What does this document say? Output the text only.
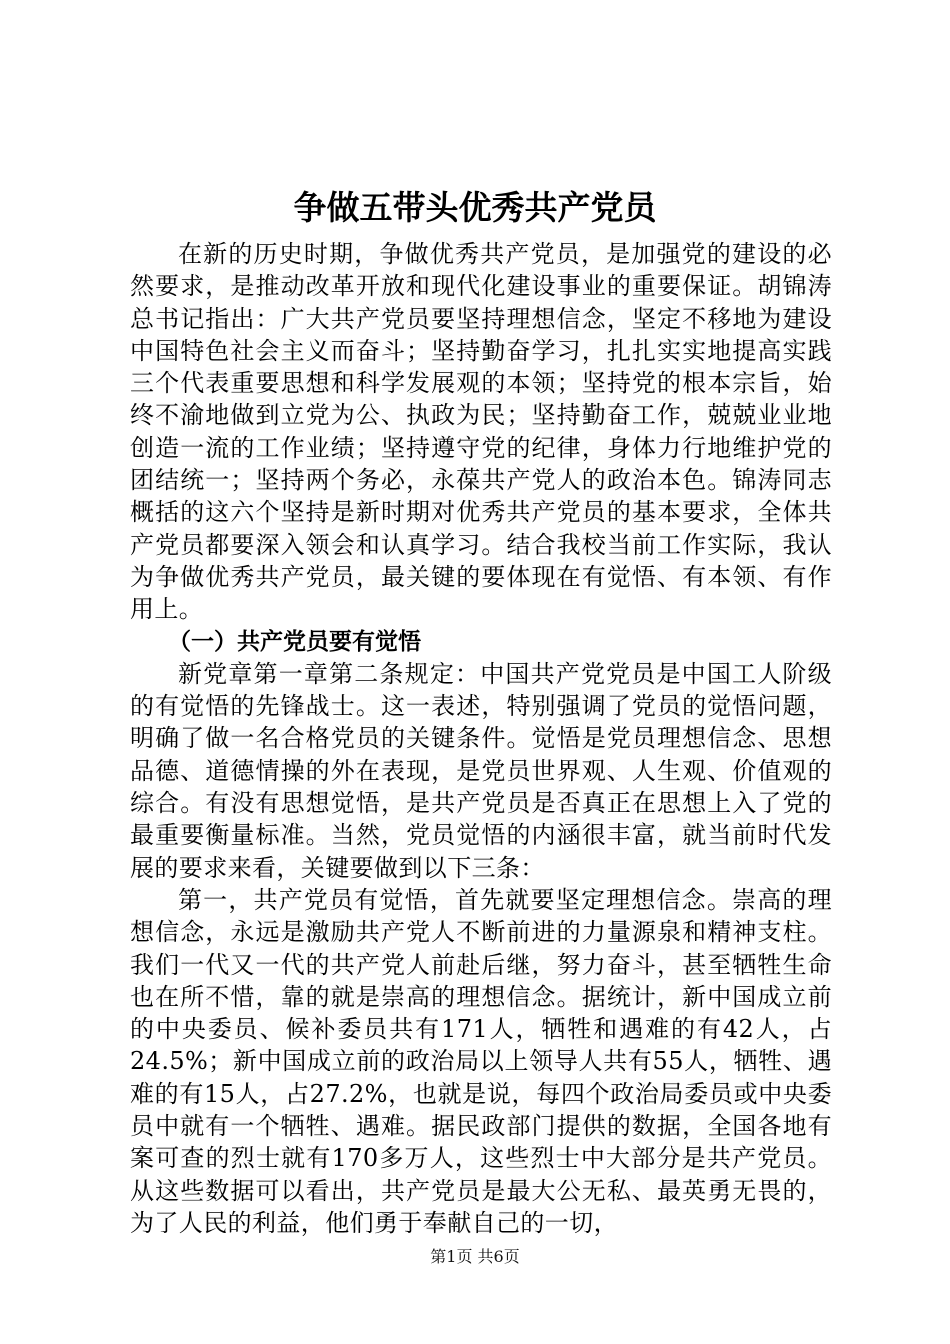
争做五带头优秀共产党员

在新的历史时期，争做优秀共产党员，是加强党的建设的必然要求，是推动改革开放和现代化建设事业的重要保证。胡锦涛总书记指出：广大共产党员要坚持理想信念，坚定不移地为建设中国特色社会主义而奋斗；坚持勤奋学习，扎扎实实地提高实践三个代表重要思想和科学发展观的本领；坚持党的根本宗旨，始终不渝地做到立党为公、执政为民；坚持勤奋工作，兢兢业业地创造一流的工作业绩；坚持遵守党的纪律，身体力行地维护党的团结统一；坚持两个务必，永葆共产党人的政治本色。锦涛同志概括的这六个坚持是新时期对优秀共产党员的基本要求，全体共产党员都要深入领会和认真学习。结合我校当前工作实际，我认为争做优秀共产党员，最关键的要体现在有觉悟、有本领、有作用上。

（一）共产党员要有觉悟

新党章第一章第二条规定：中国共产党党员是中国工人阶级的有觉悟的先锋战士。这一表述，特别强调了党员的觉悟问题，明确了做一名合格党员的关键条件。觉悟是党员理想信念、思想品德、道德情操的外在表现，是党员世界观、人生观、价值观的综合。有没有思想觉悟，是共产党员是否真正在思想上入了党的最重要衡量标准。当然，党员觉悟的内涵很丰富，就当前时代发展的要求来看，关键要做到以下三条：

第一，共产党员有觉悟，首先就要坚定理想信念。崇高的理想信念，永远是激励共产党人不断前进的力量源泉和精神支柱。我们一代又一代的共产党人前赴后继，努力奋斗，甚至牺牲生命也在所不惜，靠的就是崇高的理想信念。据统计，新中国成立前的中央委员、候补委员共有171人，牺牲和遇难的有42人，占24.5%；新中国成立前的政治局以上领导人共有55人，牺牲、遇难的有15人，占27.2%，也就是说，每四个政治局委员或中央委员中就有一个牺牲、遇难。据民政部门提供的数据，全国各地有案可查的烈士就有170多万人，这些烈士中大部分是共产党员。从这些数据可以看出，共产党员是最大公无私、最英勇无畏的，为了人民的利益，他们勇于奉献自己的一切，

第1页 共6页
